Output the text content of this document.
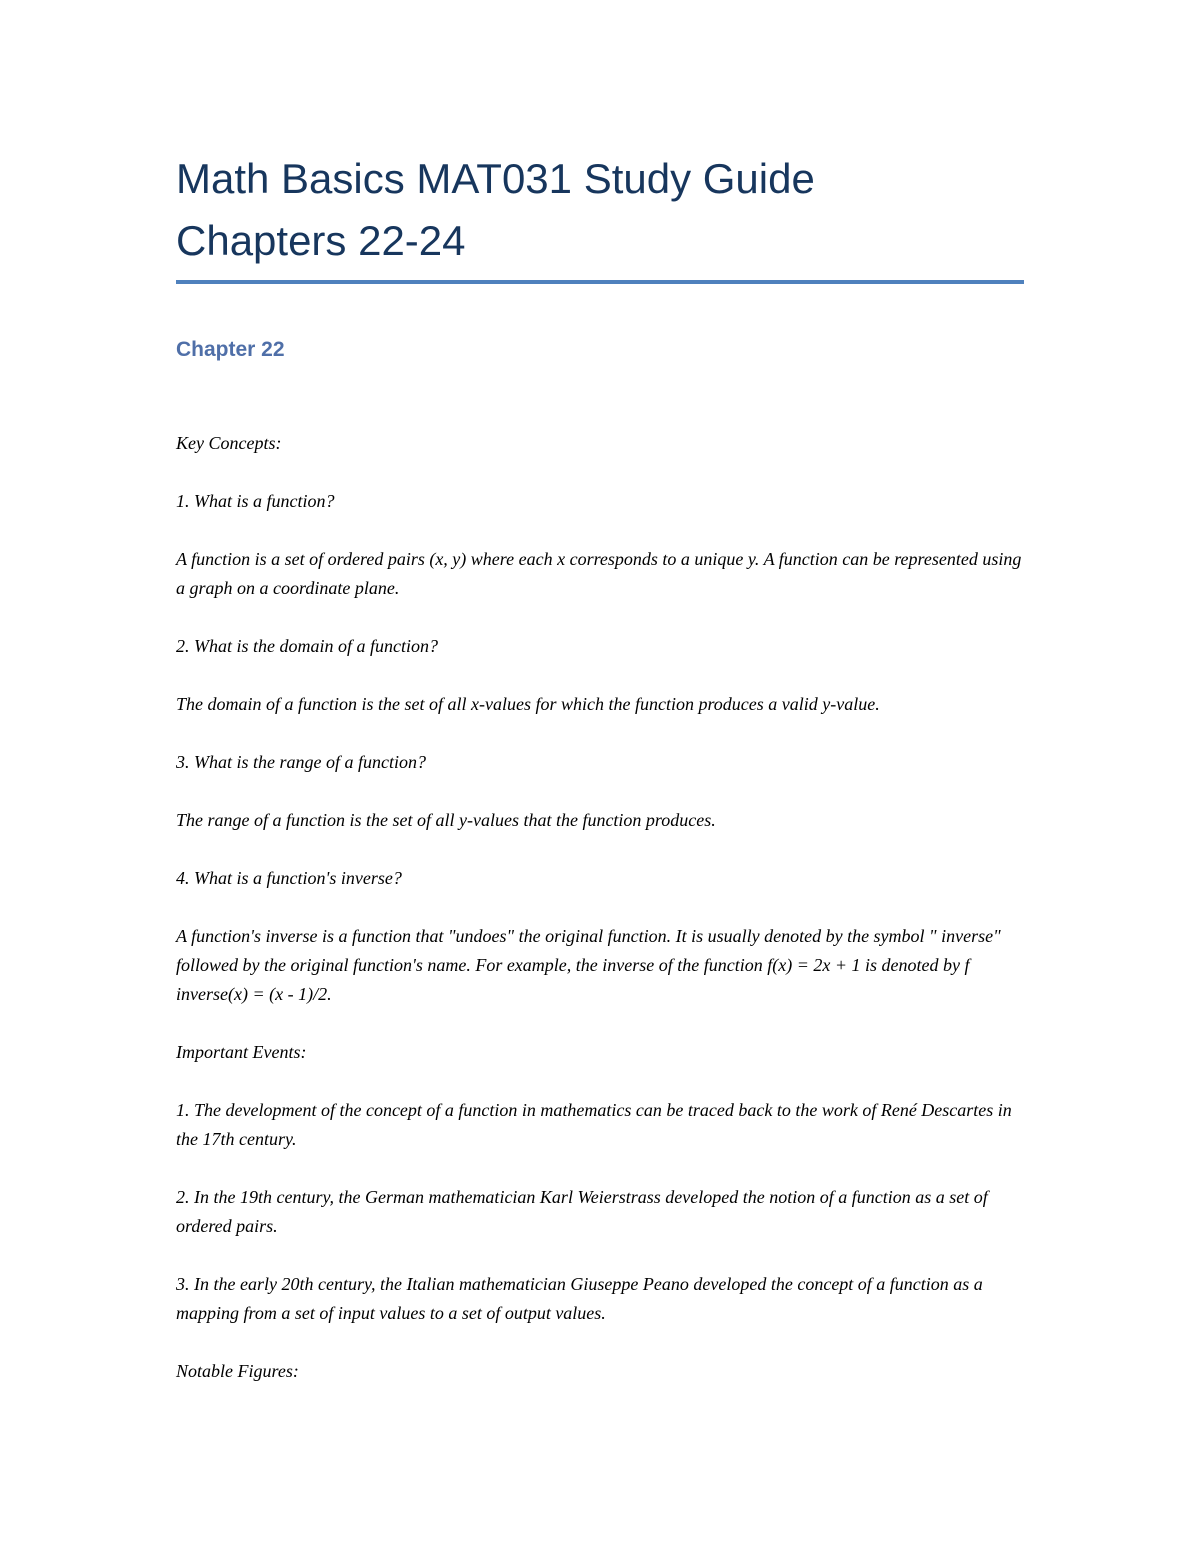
Math Basics MAT031 Study Guide
Chapters 22-24
Chapter 22

Key Concepts:

1. What is a function?

A function is a set of ordered pairs (x, y) where each x corresponds to a unique y. A function can be represented using a graph on a coordinate plane.

2. What is the domain of a function?

The domain of a function is the set of all x-values for which the function produces a valid y-value.

3. What is the range of a function?

The range of a function is the set of all y-values that the function produces.

4. What is a function's inverse?

A function's inverse is a function that "undoes" the original function. It is usually denoted by the symbol " inverse" followed by the original function's name. For example, the inverse of the function f(x) = 2x + 1 is denoted by f inverse(x) = (x - 1)/2.

Important Events:

1. The development of the concept of a function in mathematics can be traced back to the work of René Descartes in the 17th century.

2. In the 19th century, the German mathematician Karl Weierstrass developed the notion of a function as a set of ordered pairs.

3. In the early 20th century, the Italian mathematician Giuseppe Peano developed the concept of a function as a mapping from a set of input values to a set of output values.

Notable Figures:
